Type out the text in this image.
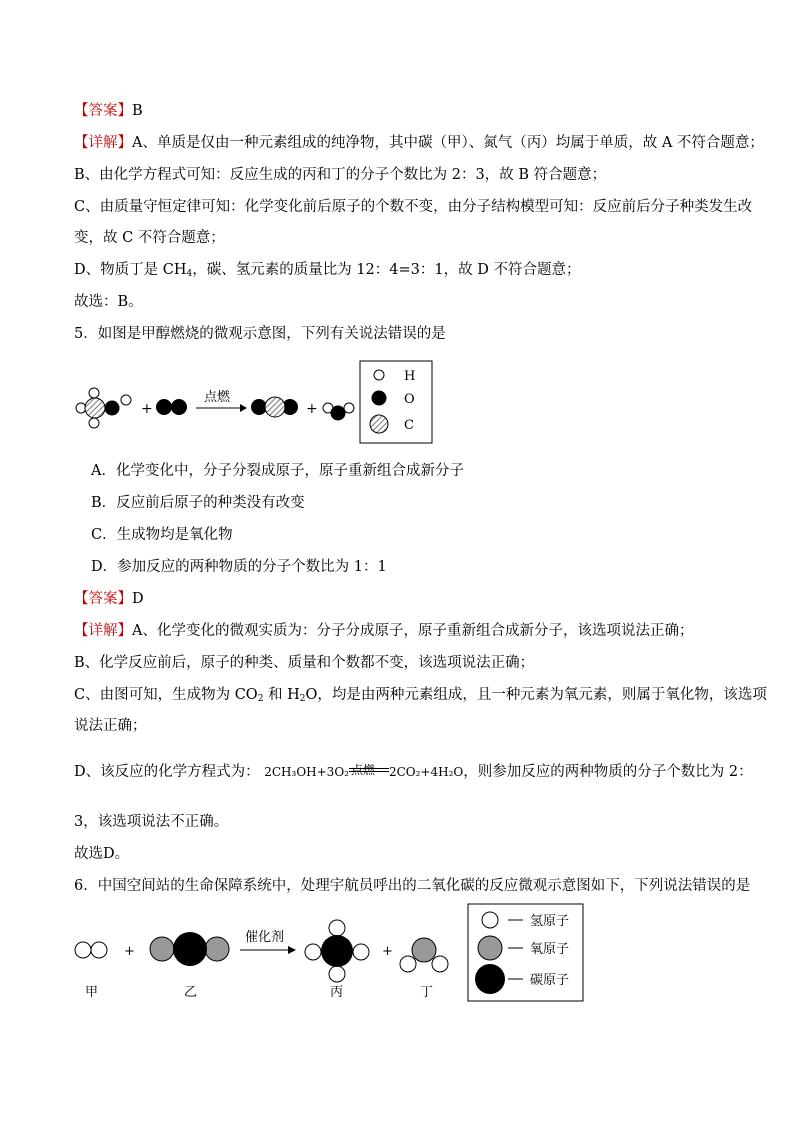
【答案】B
【详解】A、单质是仅由一种元素组成的纯净物，其中碳（甲）、氮气（丙）均属于单质，故 A 不符合题意；
B、由化学方程式可知：反应生成的丙和丁的分子个数比为 2：3，故 B 符合题意；
C、由质量守恒定律可知：化学变化前后原子的个数不变，由分子结构模型可知：反应前后分子种类发生改
变，故 C 不符合题意；
D、物质丁是 $CH_4$，碳、氢元素的质量比为 12：4=3：1，故 D 不符合题意；
故选：B。
5．如图是甲醇燃烧的微观示意图，下列有关说法错误的是
+
点燃
+
H
O
C
A．化学变化中，分子分裂成原子，原子重新组合成新分子
B．反应前后原子的种类没有改变
C．生成物均是氧化物
D．参加反应的两种物质的分子个数比为 1：1
【答案】D
【详解】A、化学变化的微观实质为：分子分成原子，原子重新组合成新分子，该选项说法正确；
B、化学反应前后，原子的种类、质量和个数都不变，该选项说法正确；
C、由图可知，生成物为 $CO_2$ 和 $H_2O$，均是由两种元素组成，且一种元素为氧元素，则属于氧化物，该选项
说法正确；
D、该反应的化学方程式为： 2CH₃OH+3O₂ 点燃 2CO₂+4H₂O，则参加反应的两种物质的分子个数比为 2：
3，该选项说法不正确。
故选D。
6．中国空间站的生命保障系统中，处理宇航员呼出的二氧化碳的反应微观示意图如下，下列说法错误的是
甲
+
乙
催化剂
丙
+
丁
氢原子
氧原子
碳原子
